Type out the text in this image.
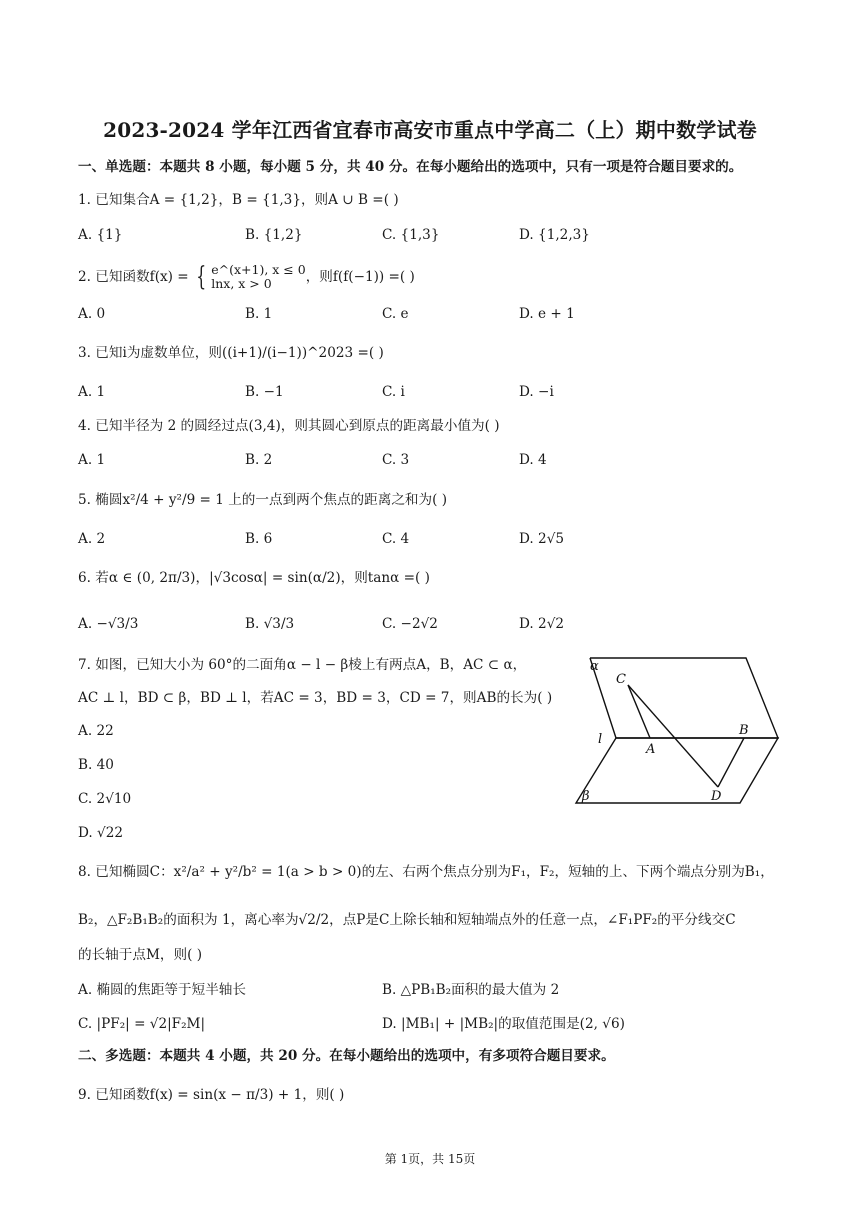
2023-2024 学年江西省宜春市高安市重点中学高二（上）期中数学试卷
一、单选题：本题共 8 小题，每小题 5 分，共 40 分。在每小题给出的选项中，只有一项是符合题目要求的。
1. 已知集合A = {1,2}，B = {1,3}，则A ∪ B =( )
A. {1}	B. {1,2}	C. {1,3}	D. {1,2,3}
2. 已知函数f(x) = { e^(x+1), x ≤ 0
lnx, x > 0	，则f(f(−1)) =( )
A. 0	B. 1	C. e	D. e + 1
3. 已知i为虚数单位，则((i+1)/(i−1))^2023 =( )
A. 1	B. −1	C. i	D. −i
4. 已知半径为 2 的圆经过点(3,4)，则其圆心到原点的距离最小值为( )
A. 1	B. 2	C. 3	D. 4
5. 椭圆x²/4 + y²/9 = 1 上的一点到两个焦点的距离之和为( )
A. 2	B. 6	C. 4	D. 2√5
6. 若α ∈ (0, 2π/3)，|√3cosα| = sin(α/2)，则tanα =( )
A. −√3/3	B. √3/3	C. −2√2	D. 2√2
7. 如图，已知大小为 60°的二面角α − l − β棱上有两点A，B，AC ⊂ α，
AC ⊥ l，BD ⊂ β，BD ⊥ l，若AC = 3，BD = 3，CD = 7，则AB的长为( )
A. 22
B. 40
C. 2√10
D. √22
α
β
l
A
B
C
D
8. 已知椭圆C：x²/a² + y²/b² = 1(a > b > 0)的左、右两个焦点分别为F₁，F₂，短轴的上、下两个端点分别为B₁，
B₂，△F₂B₁B₂的面积为 1，离心率为√2/2，点P是C上除长轴和短轴端点外的任意一点，∠F₁PF₂的平分线交C
的长轴于点M，则( )
A. 椭圆的焦距等于短半轴长	B. △PB₁B₂面积的最大值为 2
C. |PF₂| = √2|F₂M|	D. |MB₁| + |MB₂|的取值范围是(2, √6)
二、多选题：本题共 4 小题，共 20 分。在每小题给出的选项中，有多项符合题目要求。
9. 已知函数f(x) = sin(x − π/3) + 1，则( )
第 1页，共 15页
